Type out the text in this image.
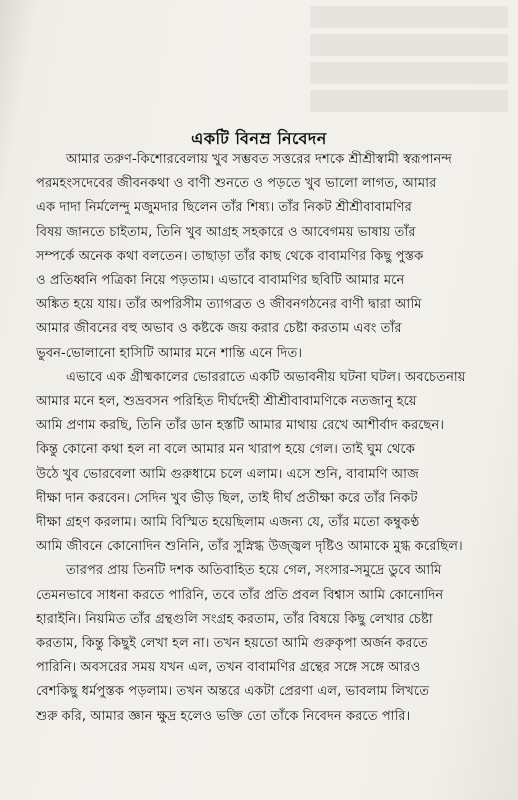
একটি বিনম্র নিবেদন

আমার তরুণ-কিশোরবেলায় খুব সম্ভবত সত্তরের দশকে শ্রীশ্রীস্বামী স্বরূপানন্দ
পরমহংসদেবের জীবনকথা ও বাণী শুনতে ও পড়তে খুব ভালো লাগত, আমার
এক দাদা নির্মলেন্দু মজুমদার ছিলেন তাঁর শিষ্য। তাঁর নিকট শ্রীশ্রীবাবামণির
বিষয় জানতে চাইতাম, তিনি খুব আগ্রহ সহকারে ও আবেগময় ভাষায় তাঁর
সম্পর্কে অনেক কথা বলতেন। তাছাড়া তাঁর কাছ থেকে বাবামণির কিছু পুস্তক
ও প্রতিধ্বনি পত্রিকা নিয়ে পড়তাম। এভাবে বাবামণির ছবিটি আমার মনে
অঙ্কিত হয়ে যায়। তাঁর অপরিসীম ত্যাগব্রত ও জীবনগঠনের বাণী দ্বারা আমি
আমার জীবনের বহু অভাব ও কষ্টকে জয় করার চেষ্টা করতাম এবং তাঁর
ভুবন-ভোলানো হাসিটি আমার মনে শান্তি এনে দিত।

এভাবে এক গ্রীষ্মকালের ভোররাতে একটি অভাবনীয় ঘটনা ঘটল। অবচেতনায়
আমার মনে হল, শুভ্রবসন পরিহিত দীর্ঘদেহী শ্রীশ্রীবাবামণিকে নতজানু হয়ে
আমি প্রণাম করছি, তিনি তাঁর ডান হস্তটি আমার মাথায় রেখে আশীর্বাদ করছেন।
কিন্তু কোনো কথা হল না বলে আমার মন খারাপ হয়ে গেল। তাই ঘুম থেকে
উঠে খুব ভোরবেলা আমি গুরুধামে চলে এলাম। এসে শুনি, বাবামণি আজ
দীক্ষা দান করবেন। সেদিন খুব ভীড় ছিল, তাই দীর্ঘ প্রতীক্ষা করে তাঁর নিকট
দীক্ষা গ্রহণ করলাম। আমি বিস্মিত হয়েছিলাম এজন্য যে, তাঁর মতো কম্বুকণ্ঠ
আমি জীবনে কোনোদিন শুনিনি, তাঁর সুস্নিগ্ধ উজ্জ্বল দৃষ্টিও আমাকে মুগ্ধ করেছিল।

তারপর প্রায় তিনটি দশক অতিবাহিত হয়ে গেল, সংসার-সমুদ্রে ডুবে আমি
তেমনভাবে সাধনা করতে পারিনি, তবে তাঁর প্রতি প্রবল বিশ্বাস আমি কোনোদিন
হারাইনি। নিয়মিত তাঁর গ্রন্থগুলি সংগ্রহ করতাম, তাঁর বিষয়ে কিছু লেখার চেষ্টা
করতাম, কিন্তু কিছুই লেখা হল না। তখন হয়তো আমি গুরুকৃপা অর্জন করতে
পারিনি। অবসরের সময় যখন এল, তখন বাবামণির গ্রন্থের সঙ্গে সঙ্গে আরও
বেশকিছু ধর্মপুস্তক পড়লাম। তখন অন্তরে একটা প্রেরণা এল, ভাবলাম লিখতে
শুরু করি, আমার জ্ঞান ক্ষুদ্র হলেও ভক্তি তো তাঁকে নিবেদন করতে পারি।
